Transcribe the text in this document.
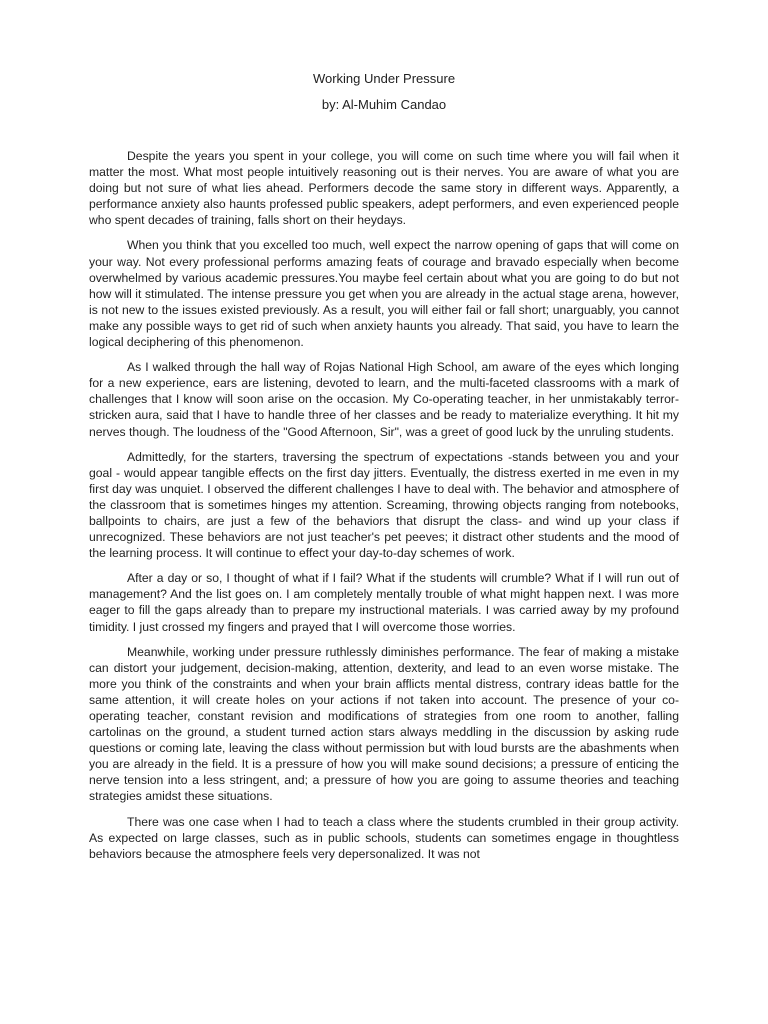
Working Under Pressure
by: Al-Muhim Candao

Despite the years you spent in your college, you will come on such time where you will fail when it matter the most. What most people intuitively reasoning out is their nerves. You are aware of what you are doing but not sure of what lies ahead. Performers decode the same story in different ways. Apparently, a performance anxiety also haunts professed public speakers, adept performers, and even experienced people who spent decades of training, falls short on their heydays.

When you think that you excelled too much, well expect the narrow opening of gaps that will come on your way. Not every professional performs amazing feats of courage and bravado especially when become overwhelmed by various academic pressures.You maybe feel certain about what you are going to do but not how will it stimulated. The intense pressure you get when you are already in the actual stage arena, however, is not new to the issues existed previously. As a result, you will either fail or fall short; unarguably, you cannot make any possible ways to get rid of such when anxiety haunts you already. That said, you have to learn the logical deciphering of this phenomenon.

As I walked through the hall way of Rojas National High School, am aware of the eyes which longing for a new experience, ears are listening, devoted to learn, and the multi-faceted classrooms with a mark of challenges that I know will soon arise on the occasion. My Co-operating teacher, in her unmistakably terror-stricken aura, said that I have to handle three of her classes and be ready to materialize everything. It hit my nerves though. The loudness of the "Good Afternoon, Sir", was a greet of good luck by the unruling students.

Admittedly, for the starters, traversing the spectrum of expectations -stands between you and your goal - would appear tangible effects on the first day jitters. Eventually, the distress exerted in me even in my first day was unquiet. I observed the different challenges I have to deal with. The behavior and atmosphere of the classroom that is sometimes hinges my attention. Screaming, throwing objects ranging from notebooks, ballpoints to chairs, are just a few of the behaviors that disrupt the class- and wind up your class if unrecognized. These behaviors are not just teacher's pet peeves; it distract other students and the mood of the learning process. It will continue to effect your day-to-day schemes of work.

After a day or so, I thought of what if I fail? What if the students will crumble? What if I will run out of management? And the list goes on. I am completely mentally trouble of what might happen next. I was more eager to fill the gaps already than to prepare my instructional materials. I was carried away by my profound timidity. I just crossed my fingers and prayed that I will overcome those worries.

Meanwhile, working under pressure ruthlessly diminishes performance. The fear of making a mistake can distort your judgement, decision-making, attention, dexterity, and lead to an even worse mistake. The more you think of the constraints and when your brain afflicts mental distress, contrary ideas battle for the same attention, it will create holes on your actions if not taken into account. The presence of your co-operating teacher, constant revision and modifications of strategies from one room to another, falling cartolinas on the ground, a student turned action stars always meddling in the discussion by asking rude questions or coming late, leaving the class without permission but with loud bursts are the abashments when you are already in the field. It is a pressure of how you will make sound decisions; a pressure of enticing the nerve tension into a less stringent, and; a pressure of how you are going to assume theories and teaching strategies amidst these situations.

There was one case when I had to teach a class where the students crumbled in their group activity. As expected on large classes, such as in public schools, students can sometimes engage in thoughtless behaviors because the atmosphere feels very depersonalized. It was not
